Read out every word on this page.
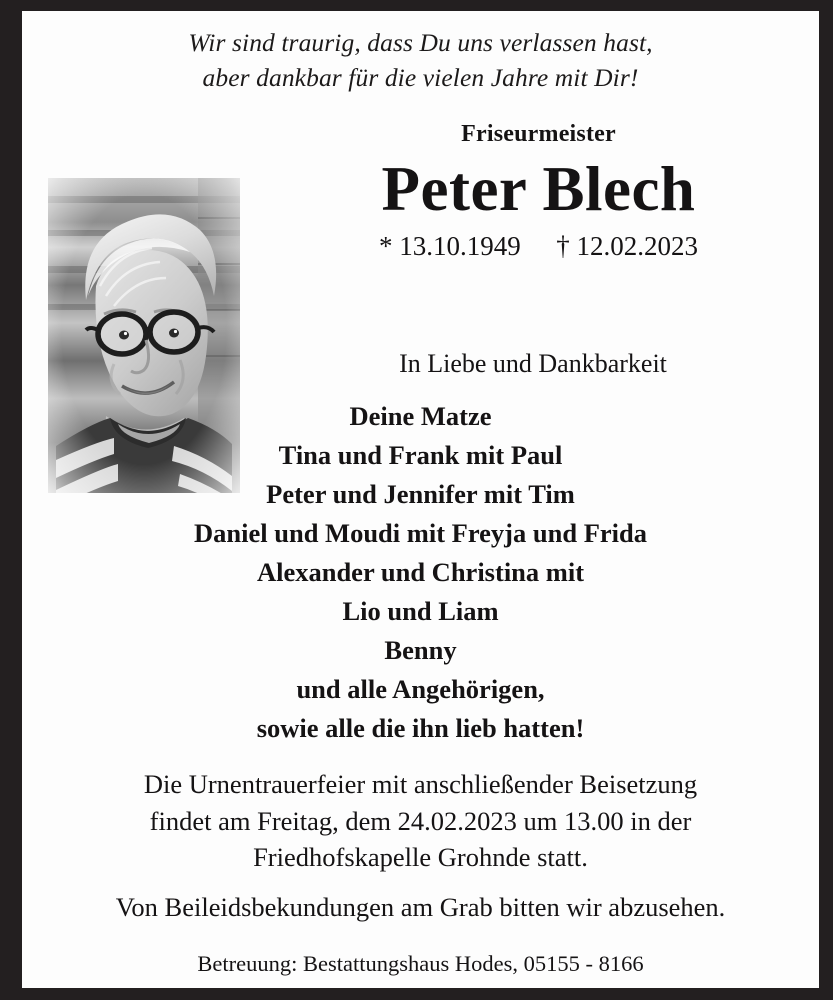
Wir sind traurig, dass Du uns verlassen hast,
aber dankbar für die vielen Jahre mit Dir!
Friseurmeister
Peter Blech
* 13.10.1949 † 12.02.2023
In Liebe und Dankbarkeit
Deine Matze
Tina und Frank mit Paul
Peter und Jennifer mit Tim
Daniel und Moudi mit Freyja und Frida
Alexander und Christina mit
Lio und Liam
Benny
und alle Angehörigen,
sowie alle die ihn lieb hatten!
Die Urnentrauerfeier mit anschließender Beisetzung
findet am Freitag, dem 24.02.2023 um 13.00 in der
Friedhofskapelle Grohnde statt.
Von Beileidsbekundungen am Grab bitten wir abzusehen.
Betreuung: Bestattungshaus Hodes, 05155 - 8166
